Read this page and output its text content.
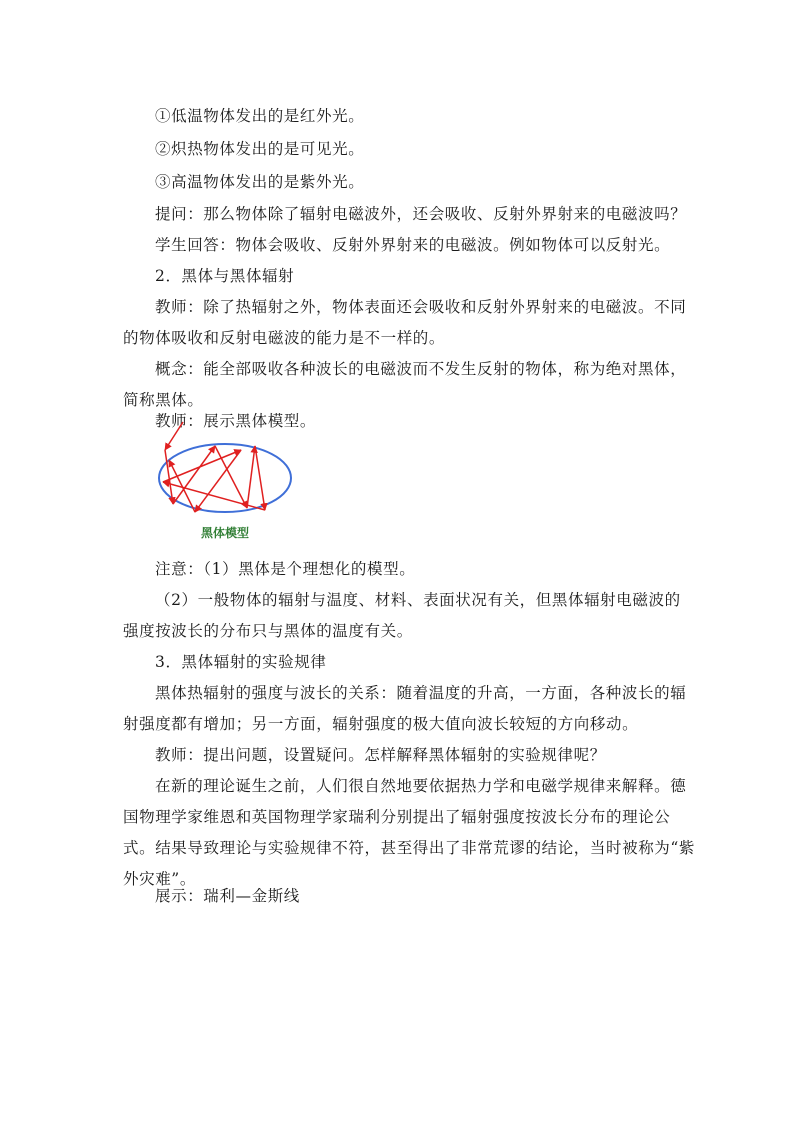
①低温物体发出的是红外光。
②炽热物体发出的是可见光。
③高温物体发出的是紫外光。
提问：那么物体除了辐射电磁波外，还会吸收、反射外界射来的电磁波吗？
学生回答：物体会吸收、反射外界射来的电磁波。例如物体可以反射光。
2．黑体与黑体辐射
教师：除了热辐射之外，物体表面还会吸收和反射外界射来的电磁波。不同
的物体吸收和反射电磁波的能力是不一样的。
概念：能全部吸收各种波长的电磁波而不发生反射的物体，称为绝对黑体，
简称黑体。
教师：展示黑体模型。
黑体模型
注意：（1）黑体是个理想化的模型。
（2）一般物体的辐射与温度、材料、表面状况有关，但黑体辐射电磁波的
强度按波长的分布只与黑体的温度有关。
3．黑体辐射的实验规律
黑体热辐射的强度与波长的关系：随着温度的升高，一方面，各种波长的辐
射强度都有增加；另一方面，辐射强度的极大值向波长较短的方向移动。
教师：提出问题，设置疑问。怎样解释黑体辐射的实验规律呢？
在新的理论诞生之前，人们很自然地要依据热力学和电磁学规律来解释。德
国物理学家维恩和英国物理学家瑞利分别提出了辐射强度按波长分布的理论公
式。结果导致理论与实验规律不符，甚至得出了非常荒谬的结论，当时被称为“紫
外灾难”。
展示：瑞利—金斯线
